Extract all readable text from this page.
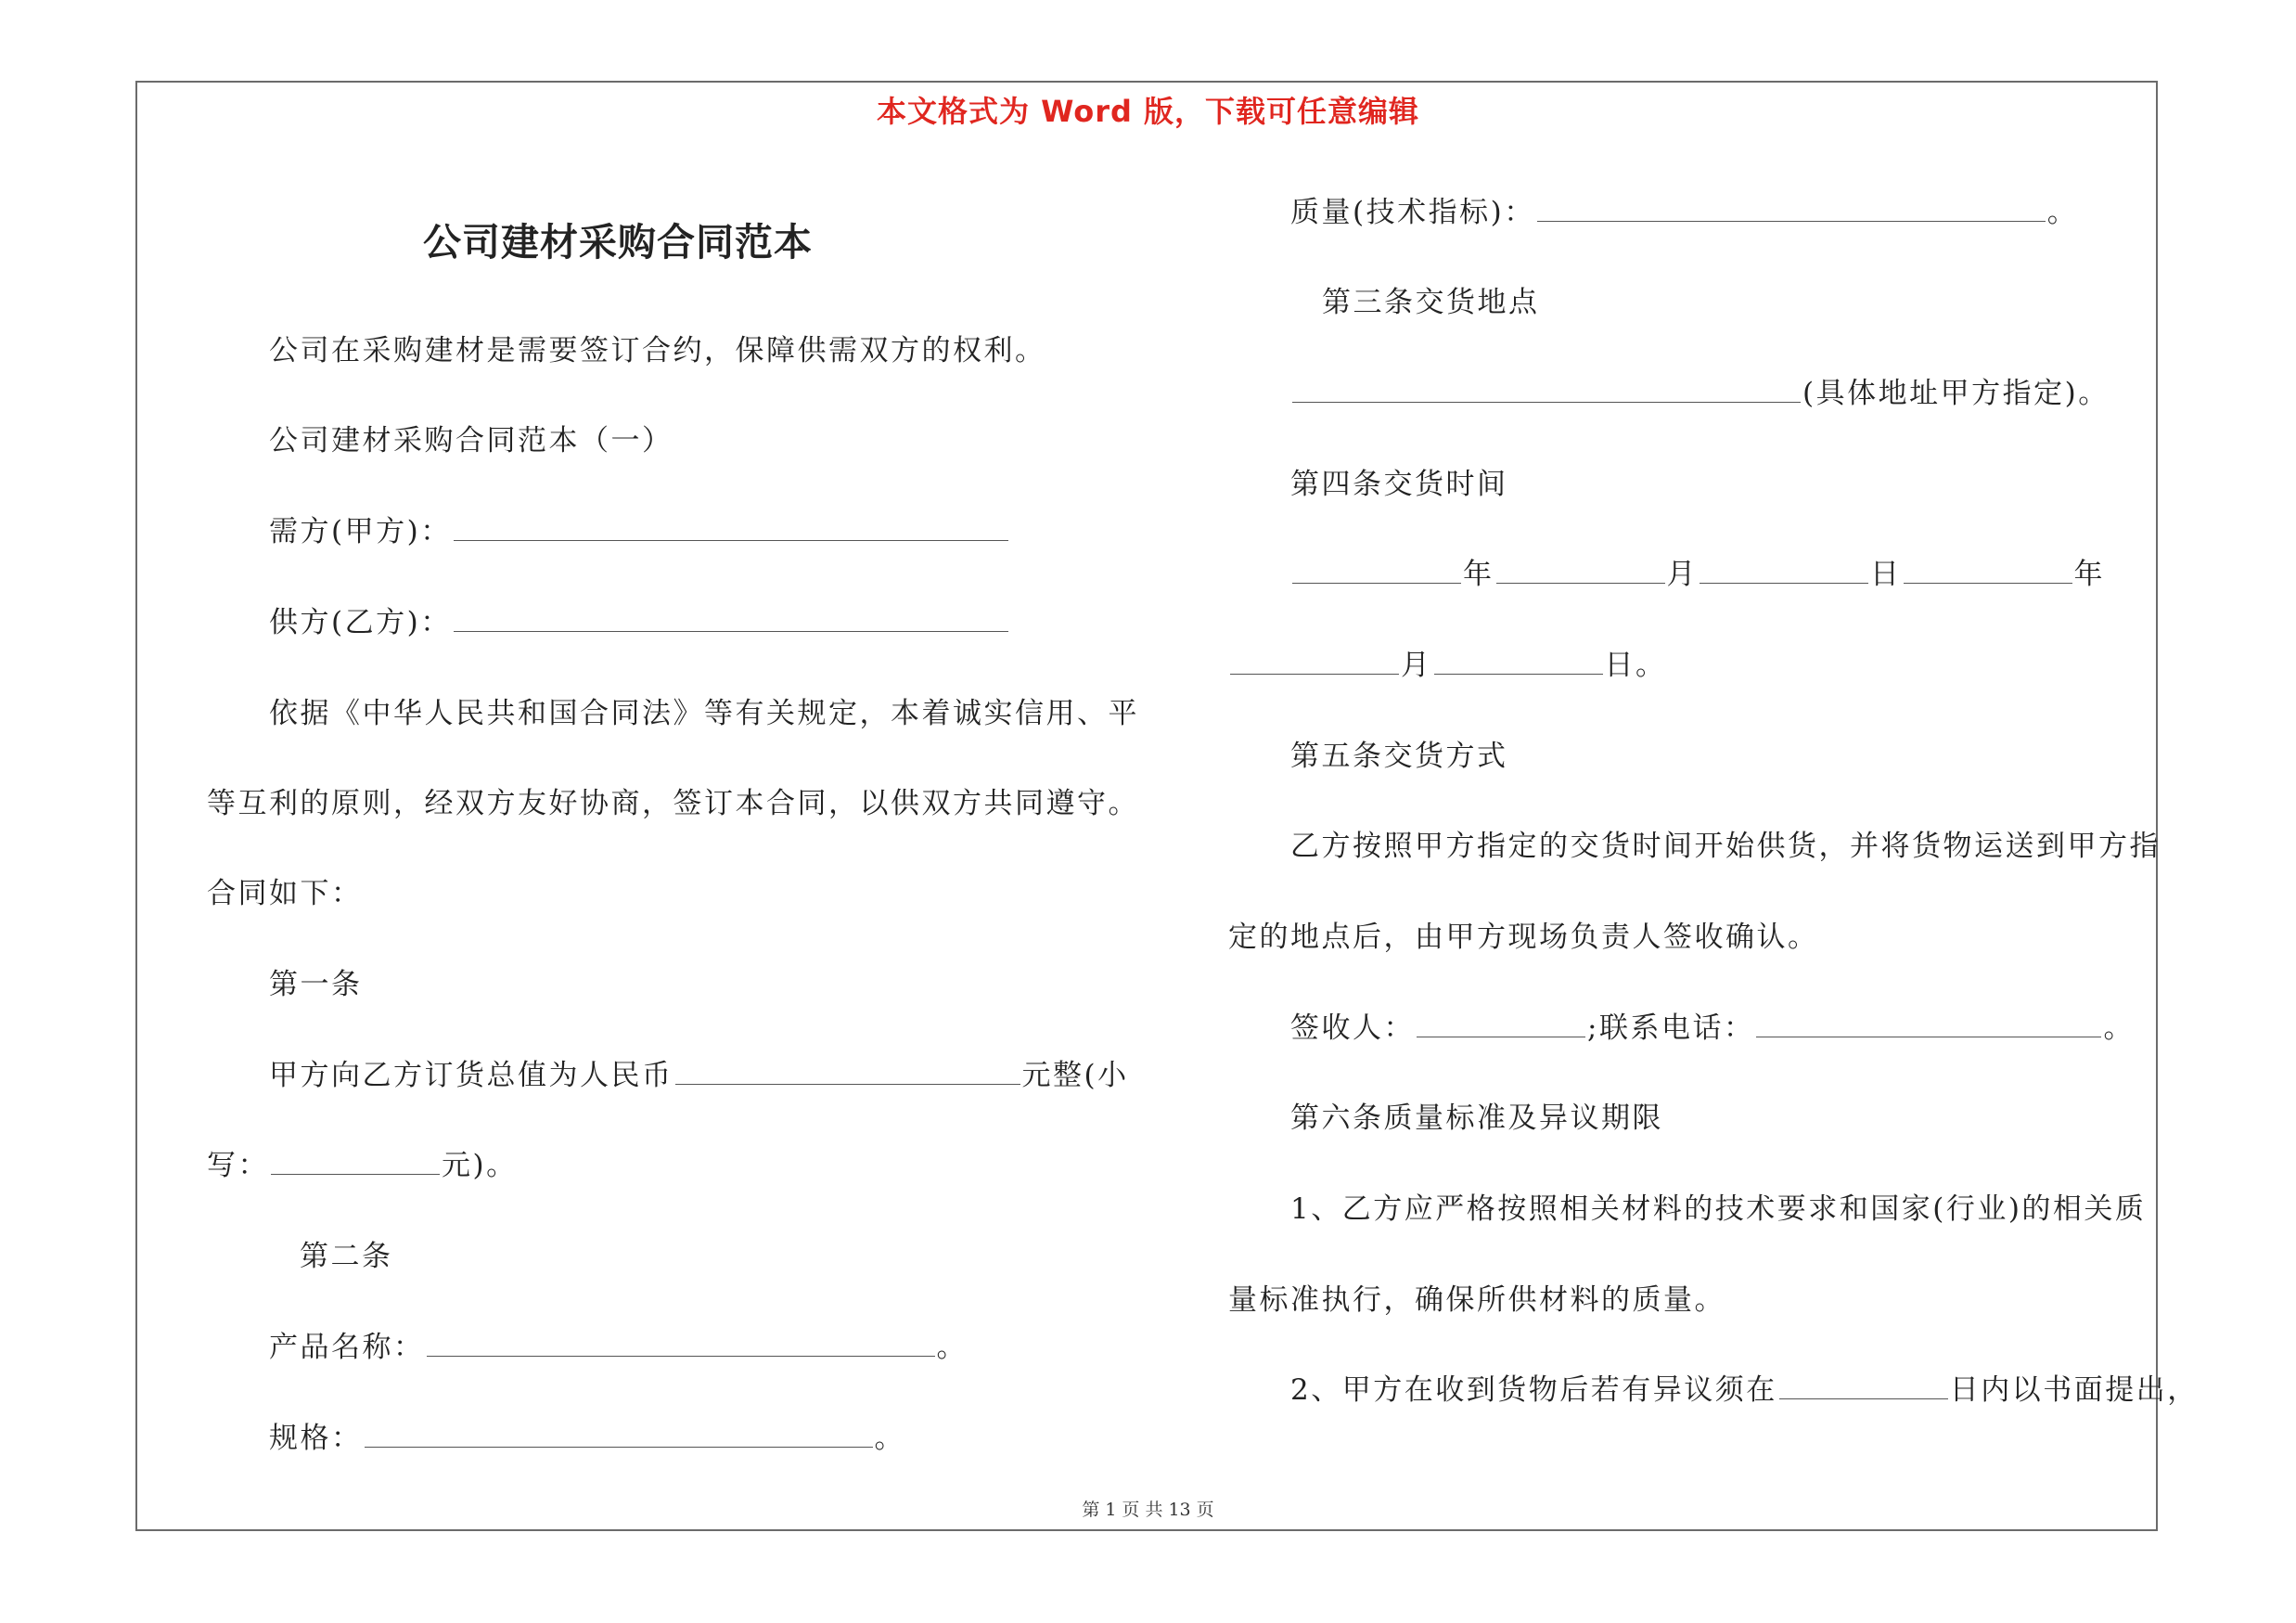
本文格式为 Word 版，下载可任意编辑
公司建材采购合同范本
公司在采购建材是需要签订合约，保障供需双方的权利。
公司建材采购合同范本（一）
需方(甲方)：
供方(乙方)：
依据《中华人民共和国合同法》等有关规定，本着诚实信用、平
等互利的原则，经双方友好协商，签订本合同，以供双方共同遵守。
合同如下：
第一条
甲方向乙方订货总值为人民币	元整(小
写：	元)。
第二条
产品名称：	。
规格：	。
质量(技术指标)：	。
第三条交货地点
(具体地址甲方指定)。
第四条交货时间
年	月	日	年
月	日。
第五条交货方式
乙方按照甲方指定的交货时间开始供货，并将货物运送到甲方指
定的地点后，由甲方现场负责人签收确认。
签收人：	;联系电话：	。
第六条质量标准及异议期限
1、乙方应严格按照相关材料的技术要求和国家(行业)的相关质
量标准执行，确保所供材料的质量。
2、甲方在收到货物后若有异议须在	日内以书面提出，
第 1 页 共 13 页
